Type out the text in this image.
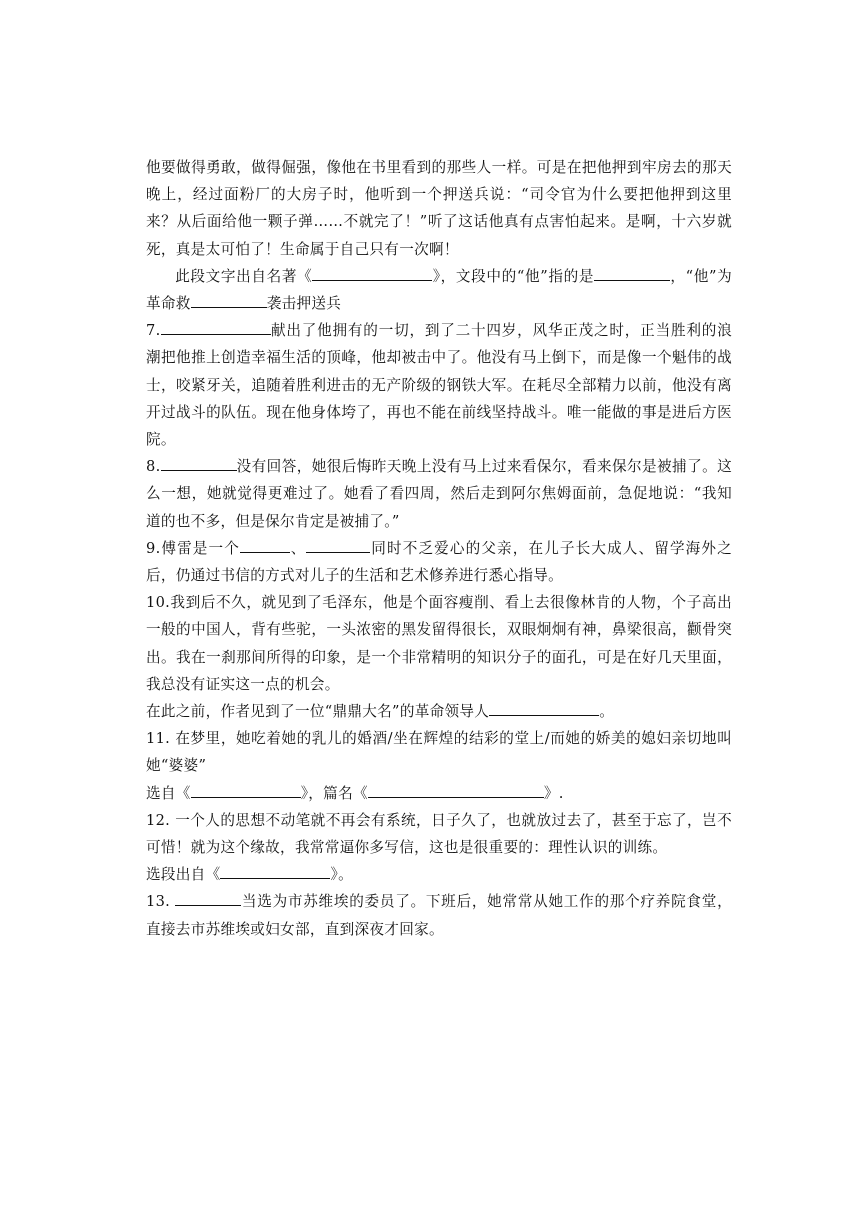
他要做得勇敢，做得倔强，像他在书里看到的那些人一样。可是在把他押到牢房去的那天晚上，经过面粉厂的大房子时，他听到一个押送兵说：“司令官为什么要把他押到这里来？从后面给他一颗子弹……不就完了！”听了这话他真有点害怕起来。是啊，十六岁就死，真是太可怕了！生命属于自己只有一次啊！

此段文字出自名著《	》，文段中的“他”指的是	，“他”为革命救	袭击押送兵

7.	献出了他拥有的一切，到了二十四岁，风华正茂之时，正当胜利的浪潮把他推上创造幸福生活的顶峰，他却被击中了。他没有马上倒下，而是像一个魁伟的战士，咬紧牙关，追随着胜利进击的无产阶级的钢铁大军。在耗尽全部精力以前，他没有离开过战斗的队伍。现在他身体垮了，再也不能在前线坚持战斗。唯一能做的事是进后方医院。

8.	没有回答，她很后悔昨天晚上没有马上过来看保尔，看来保尔是被捕了。这么一想，她就觉得更难过了。她看了看四周，然后走到阿尔焦姆面前，急促地说：“我知道的也不多，但是保尔肯定是被捕了。”

9.傅雷是一个	、	同时不乏爱心的父亲，在儿子长大成人、留学海外之后，仍通过书信的方式对儿子的生活和艺术修养进行悉心指导。

10.我到后不久，就见到了毛泽东，他是个面容瘦削、看上去很像林肯的人物，个子高出一般的中国人，背有些驼，一头浓密的黑发留得很长，双眼炯炯有神，鼻梁很高，颧骨突出。我在一刹那间所得的印象，是一个非常精明的知识分子的面孔，可是在好几天里面，我总没有证实这一点的机会。

在此之前，作者见到了一位“鼎鼎大名”的革命领导人	。

11. 在梦里，她吃着她的乳儿的婚酒/坐在辉煌的结彩的堂上/而她的娇美的媳妇亲切地叫她“婆婆”

选自《	》，篇名《	》.

12. 一个人的思想不动笔就不再会有系统，日子久了，也就放过去了，甚至于忘了，岂不可惜！就为这个缘故，我常常逼你多写信，这也是很重要的：理性认识的训练。

选段出自《	》。

13.	当选为市苏维埃的委员了。下班后，她常常从她工作的那个疗养院食堂，直接去市苏维埃或妇女部，直到深夜才回家。
